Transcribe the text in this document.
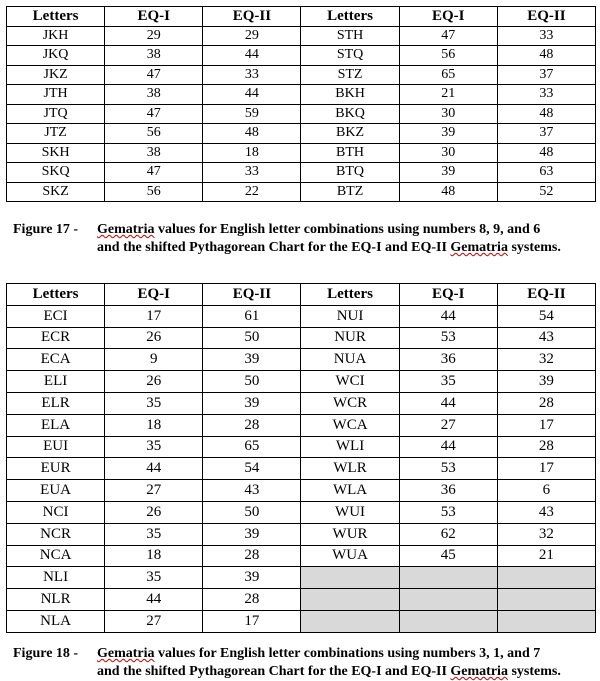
Letters	EQ-I	EQ-II	Letters	EQ-I	EQ-II
JKH	29	29	STH	47	33
JKQ	38	44	STQ	56	48
JKZ	47	33	STZ	65	37
JTH	38	44	BKH	21	33
JTQ	47	59	BKQ	30	48
JTZ	56	48	BKZ	39	37
SKH	38	18	BTH	30	48
SKQ	47	33	BTQ	39	63
SKZ	56	22	BTZ	48	52
Figure 17 - Gematria values for English letter combinations using numbers 8, 9, and 6
and the shifted Pythagorean Chart for the EQ-I and EQ-II Gematria systems.
Letters	EQ-I	EQ-II	Letters	EQ-I	EQ-II
ECI	17	61	NUI	44	54
ECR	26	50	NUR	53	43
ECA	9	39	NUA	36	32
ELI	26	50	WCI	35	39
ELR	35	39	WCR	44	28
ELA	18	28	WCA	27	17
EUI	35	65	WLI	44	28
EUR	44	54	WLR	53	17
EUA	27	43	WLA	36	6
NCI	26	50	WUI	53	43
NCR	35	39	WUR	62	32
NCA	18	28	WUA	45	21
NLI	35	39			
NLR	44	28			
NLA	27	17			
Figure 18 - Gematria values for English letter combinations using numbers 3, 1, and 7
and the shifted Pythagorean Chart for the EQ-I and EQ-II Gematria systems.
